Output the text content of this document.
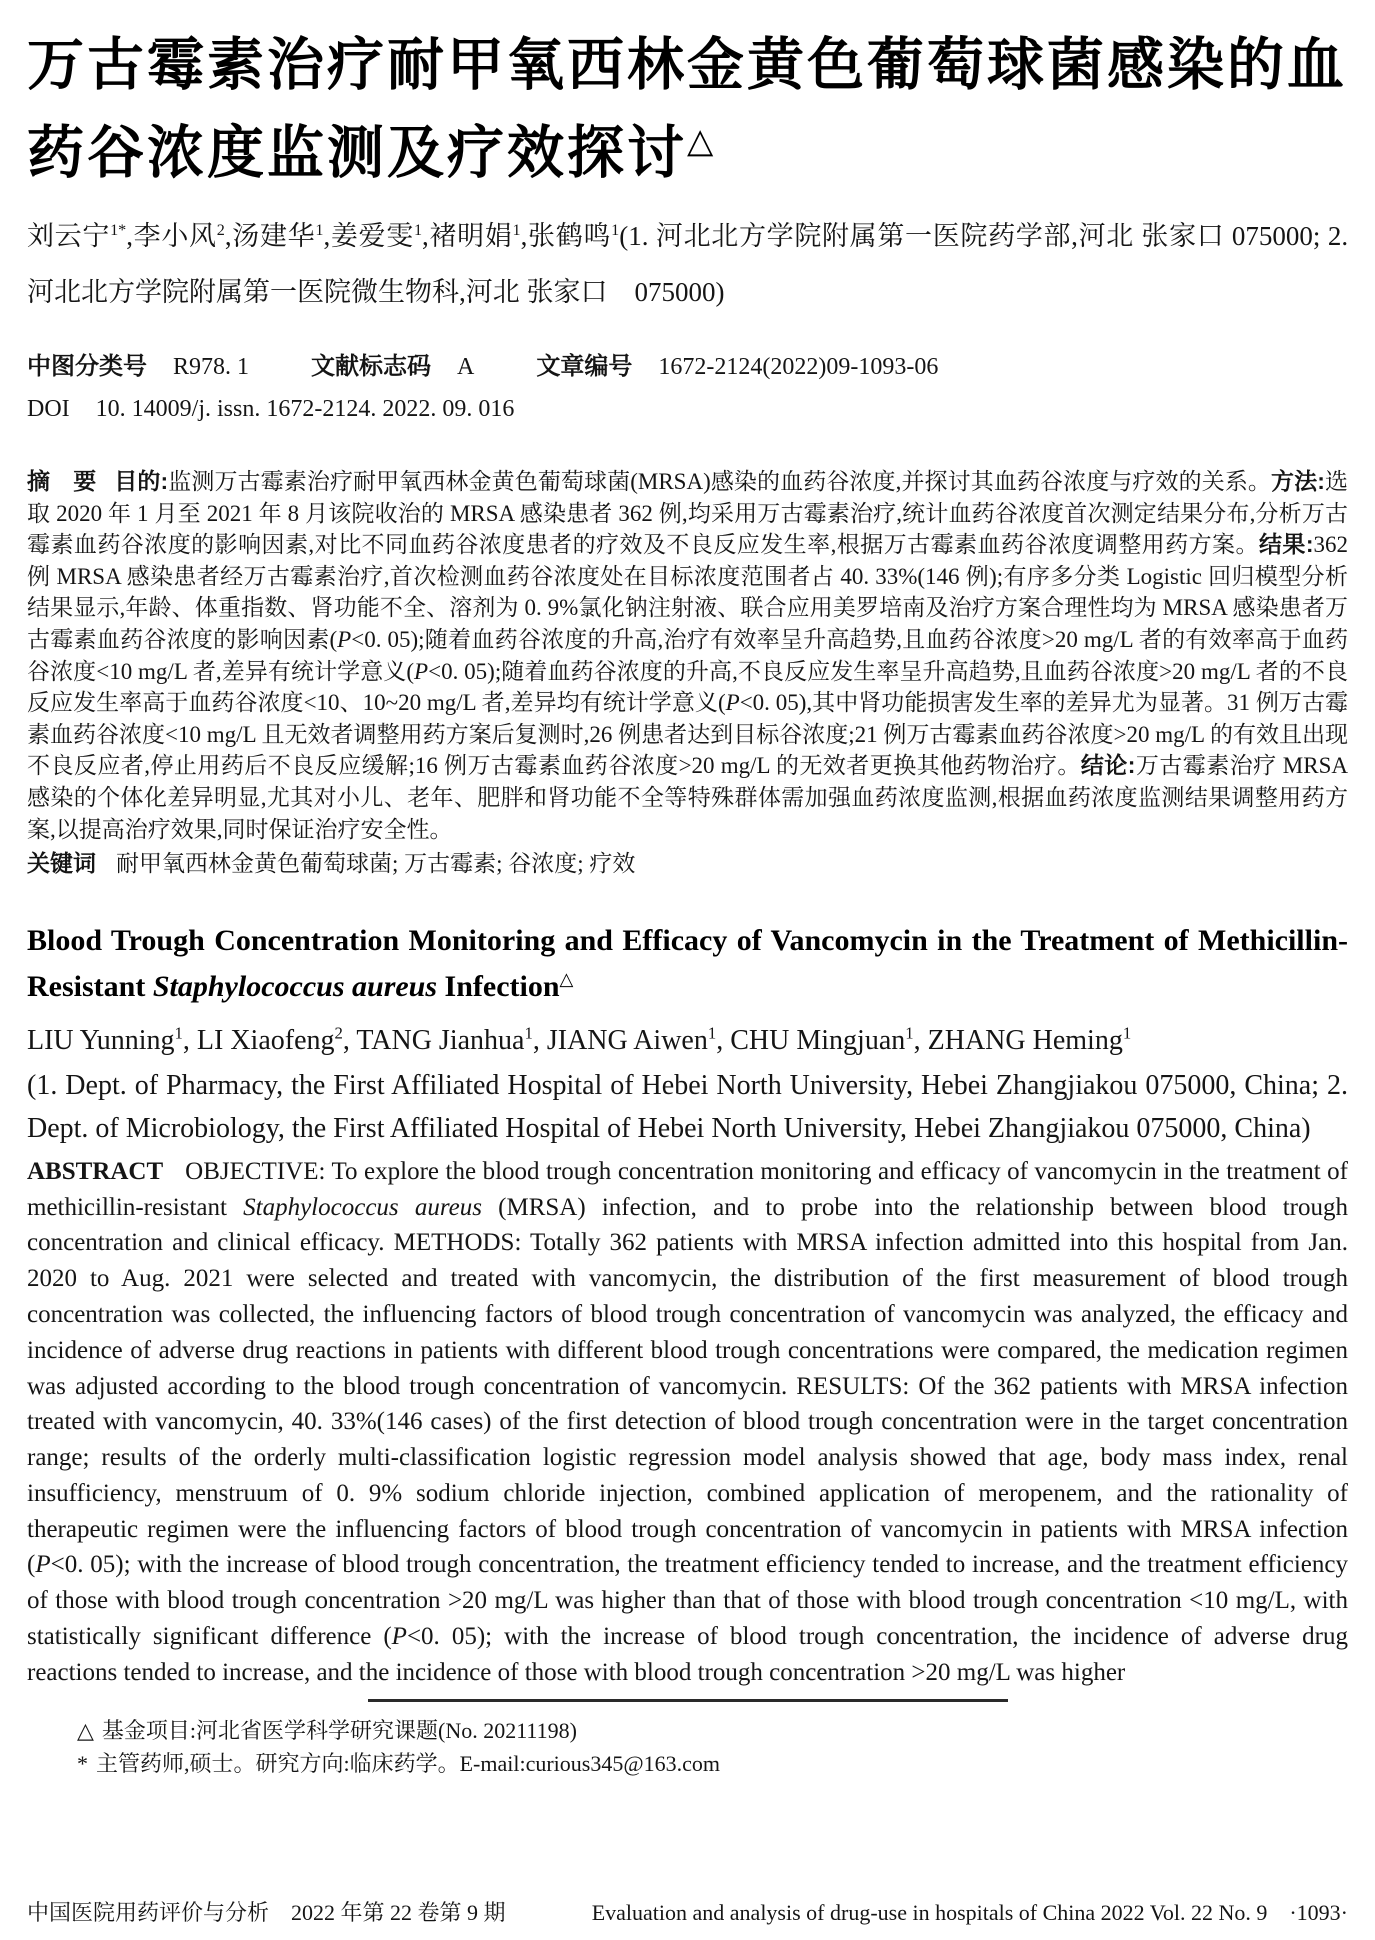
万古霉素治疗耐甲氧西林金黄色葡萄球菌感染的血药谷浓度监测及疗效探讨△

刘云宁$^{1*}$,李小风$^2$,汤建华$^1$,姜爱雯$^1$,褚明娟$^1$,张鹤鸣$^1$(1. 河北北方学院附属第一医院药学部,河北 张家口 075000; 2. 河北北方学院附属第一医院微生物科,河北 张家口　075000)

中图分类号 R978. 1	文献标志码 A	文章编号 1672-2124(2022)09-1093-06
DOI 10. 14009/j. issn. 1672-2124. 2022. 09. 016

摘　要 目的:监测万古霉素治疗耐甲氧西林金黄色葡萄球菌(MRSA)感染的血药谷浓度,并探讨其血药谷浓度与疗效的关系。方法:选取 2020 年 1 月至 2021 年 8 月该院收治的 MRSA 感染患者 362 例,均采用万古霉素治疗,统计血药谷浓度首次测定结果分布,分析万古霉素血药谷浓度的影响因素,对比不同血药谷浓度患者的疗效及不良反应发生率,根据万古霉素血药谷浓度调整用药方案。结果:362 例 MRSA 感染患者经万古霉素治疗,首次检测血药谷浓度处在目标浓度范围者占 40. 33%(146 例);有序多分类 Logistic 回归模型分析结果显示,年龄、体重指数、肾功能不全、溶剂为 0. 9%氯化钠注射液、联合应用美罗培南及治疗方案合理性均为 MRSA 感染患者万古霉素血药谷浓度的影响因素(P<0. 05);随着血药谷浓度的升高,治疗有效率呈升高趋势,且血药谷浓度>20 mg/L 者的有效率高于血药谷浓度<10 mg/L 者,差异有统计学意义(P<0. 05);随着血药谷浓度的升高,不良反应发生率呈升高趋势,且血药谷浓度>20 mg/L 者的不良反应发生率高于血药谷浓度<10、10~20 mg/L 者,差异均有统计学意义(P<0. 05),其中肾功能损害发生率的差异尤为显著。31 例万古霉素血药谷浓度<10 mg/L 且无效者调整用药方案后复测时,26 例患者达到目标谷浓度;21 例万古霉素血药谷浓度>20 mg/L 的有效且出现不良反应者,停止用药后不良反应缓解;16 例万古霉素血药谷浓度>20 mg/L 的无效者更换其他药物治疗。结论:万古霉素治疗 MRSA 感染的个体化差异明显,尤其对小儿、老年、肥胖和肾功能不全等特殊群体需加强血药浓度监测,根据血药浓度监测结果调整用药方案,以提高治疗效果,同时保证治疗安全性。

关键词 耐甲氧西林金黄色葡萄球菌; 万古霉素; 谷浓度; 疗效

Blood Trough Concentration Monitoring and Efficacy of Vancomycin in the Treatment of Methicillin-Resistant Staphylococcus aureus Infection△

LIU Yunning$^1$, LI Xiaofeng$^2$, TANG Jianhua$^1$, JIANG Aiwen$^1$, CHU Mingjuan$^1$, ZHANG Heming$^1$

(1. Dept. of Pharmacy, the First Affiliated Hospital of Hebei North University, Hebei Zhangjiakou 075000, China; 2. Dept. of Microbiology, the First Affiliated Hospital of Hebei North University, Hebei Zhangjiakou 075000, China)

ABSTRACT OBJECTIVE: To explore the blood trough concentration monitoring and efficacy of vancomycin in the treatment of methicillin-resistant Staphylococcus aureus (MRSA) infection, and to probe into the relationship between blood trough concentration and clinical efficacy. METHODS: Totally 362 patients with MRSA infection admitted into this hospital from Jan. 2020 to Aug. 2021 were selected and treated with vancomycin, the distribution of the first measurement of blood trough concentration was collected, the influencing factors of blood trough concentration of vancomycin was analyzed, the efficacy and incidence of adverse drug reactions in patients with different blood trough concentrations were compared, the medication regimen was adjusted according to the blood trough concentration of vancomycin. RESULTS: Of the 362 patients with MRSA infection treated with vancomycin, 40. 33%(146 cases) of the first detection of blood trough concentration were in the target concentration range; results of the orderly multi-classification logistic regression model analysis showed that age, body mass index, renal insufficiency, menstruum of 0. 9% sodium chloride injection, combined application of meropenem, and the rationality of therapeutic regimen were the influencing factors of blood trough concentration of vancomycin in patients with MRSA infection (P<0. 05); with the increase of blood trough concentration, the treatment efficiency tended to increase, and the treatment efficiency of those with blood trough concentration >20 mg/L was higher than that of those with blood trough concentration <10 mg/L, with statistically significant difference (P<0. 05); with the increase of blood trough concentration, the incidence of adverse drug reactions tended to increase, and the incidence of those with blood trough concentration >20 mg/L was higher

△ 基金项目:河北省医学科学研究课题(No. 20211198)
* 主管药师,硕士。研究方向:临床药学。E-mail:curious345@163.com
中国医院用药评价与分析　2022 年第 22 卷第 9 期	Evaluation and analysis of drug-use in hospitals of China 2022 Vol. 22 No. 9　·1093·
